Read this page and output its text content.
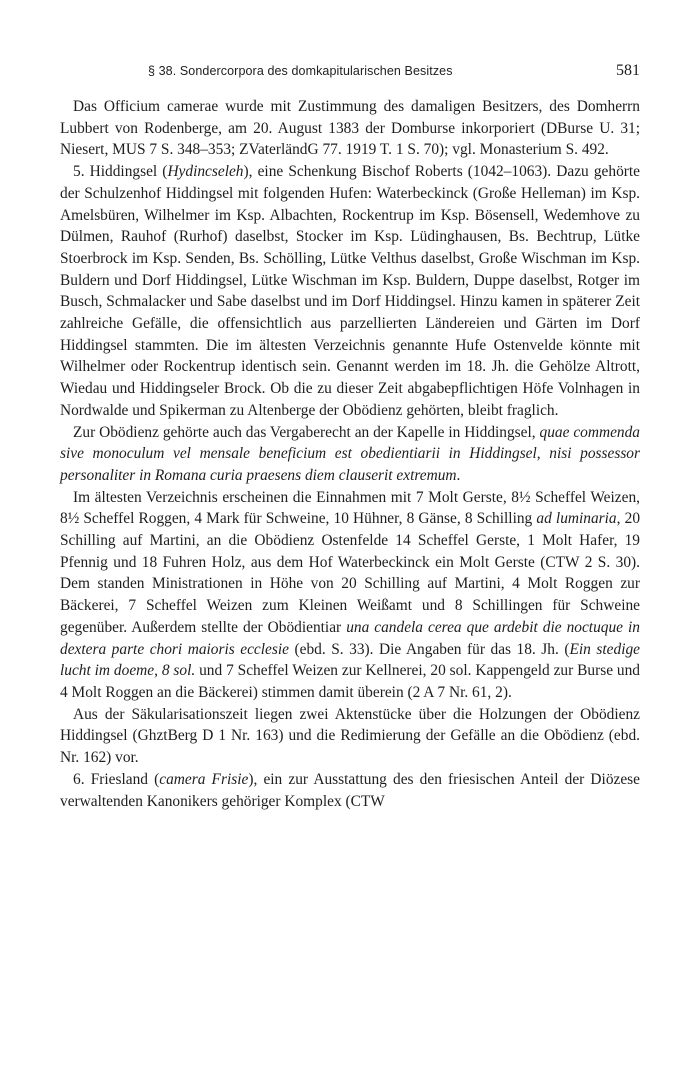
§ 38. Sondercorpora des domkapitularischen Besitzes	581

Das Officium camerae wurde mit Zustimmung des damaligen Besitzers, des Domherrn Lubbert von Rodenberge, am 20. August 1383 der Domburse inkorporiert (DBurse U. 31; Niesert, MUS 7 S. 348–353; ZVaterländG 77. 1919 T. 1 S. 70); vgl. Monasterium S. 492.

5. Hiddingsel (Hydincseleh), eine Schenkung Bischof Roberts (1042–1063). Dazu gehörte der Schulzenhof Hiddingsel mit folgenden Hufen: Waterbeckinck (Große Helleman) im Ksp. Amelsbüren, Wilhelmer im Ksp. Albachten, Rockentrup im Ksp. Bösensell, Wedemhove zu Dülmen, Rauhof (Rurhof) daselbst, Stocker im Ksp. Lüdinghausen, Bs. Bechtrup, Lütke Stoerbrock im Ksp. Senden, Bs. Schölling, Lütke Velthus daselbst, Große Wischman im Ksp. Buldern und Dorf Hiddingsel, Lütke Wischman im Ksp. Buldern, Duppe daselbst, Rotger im Busch, Schmalacker und Sabe daselbst und im Dorf Hiddingsel. Hinzu kamen in späterer Zeit zahlreiche Gefälle, die offensichtlich aus parzellierten Ländereien und Gärten im Dorf Hiddingsel stammten. Die im ältesten Verzeichnis genannte Hufe Ostenvelde könnte mit Wilhelmer oder Rockentrup identisch sein. Genannt werden im 18. Jh. die Gehölze Altrott, Wiedau und Hiddingseler Brock. Ob die zu dieser Zeit abgabepflichtigen Höfe Volnhagen in Nordwalde und Spikerman zu Altenberge der Obödienz gehörten, bleibt fraglich.

Zur Obödienz gehörte auch das Vergaberecht an der Kapelle in Hiddingsel, quae commenda sive monoculum vel mensale beneficium est obedientiarii in Hiddingsel, nisi possessor personaliter in Romana curia praesens diem clauserit extremum.

Im ältesten Verzeichnis erscheinen die Einnahmen mit 7 Molt Gerste, 8½ Scheffel Weizen, 8½ Scheffel Roggen, 4 Mark für Schweine, 10 Hühner, 8 Gänse, 8 Schilling ad luminaria, 20 Schilling auf Martini, an die Obödienz Ostenfelde 14 Scheffel Gerste, 1 Molt Hafer, 19 Pfennig und 18 Fuhren Holz, aus dem Hof Waterbeckinck ein Molt Gerste (CTW 2 S. 30). Dem standen Ministrationen in Höhe von 20 Schilling auf Martini, 4 Molt Roggen zur Bäckerei, 7 Scheffel Weizen zum Kleinen Weißamt und 8 Schillingen für Schweine gegenüber. Außerdem stellte der Obödientiar una candela cerea que ardebit die noctuque in dextera parte chori maioris ecclesie (ebd. S. 33). Die Angaben für das 18. Jh. (Ein stedige lucht im doeme, 8 sol. und 7 Scheffel Weizen zur Kellnerei, 20 sol. Kappengeld zur Burse und 4 Molt Roggen an die Bäckerei) stimmen damit überein (2 A 7 Nr. 61, 2).

Aus der Säkularisationszeit liegen zwei Aktenstücke über die Holzungen der Obödienz Hiddingsel (GhztBerg D 1 Nr. 163) und die Redimierung der Gefälle an die Obödienz (ebd. Nr. 162) vor.

6. Friesland (camera Frisie), ein zur Ausstattung des den friesischen Anteil der Diözese verwaltenden Kanonikers gehöriger Komplex (CTW
